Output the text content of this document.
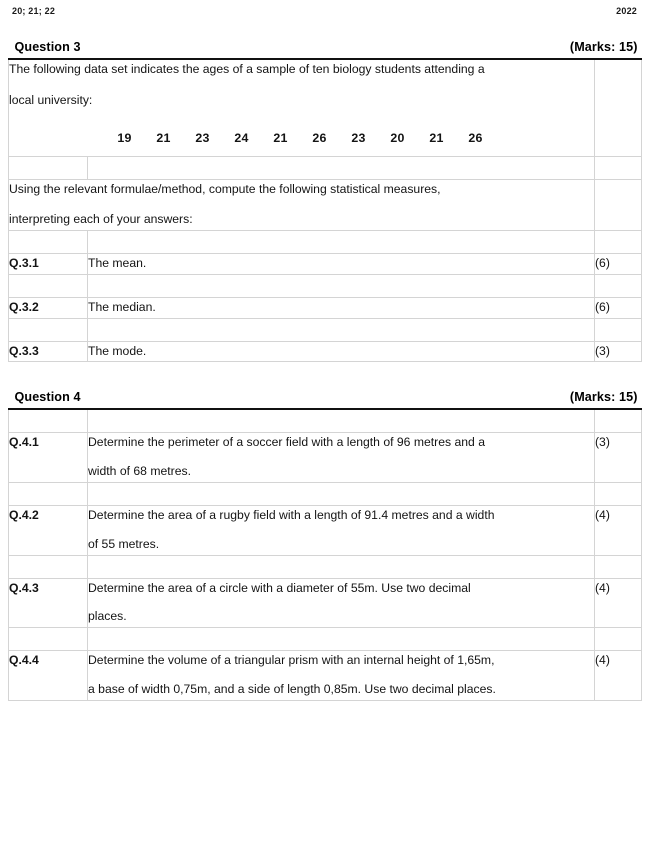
20; 21; 22	2022
Question 3 (Marks: 15)		

The following data set indicates the ages of a sample of ten biology students attending a

local university:

19 21 23 24 21 26 23 20 21 26		

Using the relevant formulae/method, compute the following statistical measures,

interpreting each of your answers:		

Q.3.1	The mean.	(6)

Q.3.2	The median.	(6)

Q.3.3	The mode.	(3)
Question 4 (Marks: 15)		

Q.4.1	Determine the perimeter of a soccer field with a length of 96 metres and a

width of 68 metres.	(3)

Q.4.2	Determine the area of a rugby field with a length of 91.4 metres and a width

of 55 metres.	(4)

Q.4.3	Determine the area of a circle with a diameter of 55m. Use two decimal

places.	(4)

Q.4.4	Determine the volume of a triangular prism with an internal height of 1,65m,

a base of width 0,75m, and a side of length 0,85m. Use two decimal places.	(4)
